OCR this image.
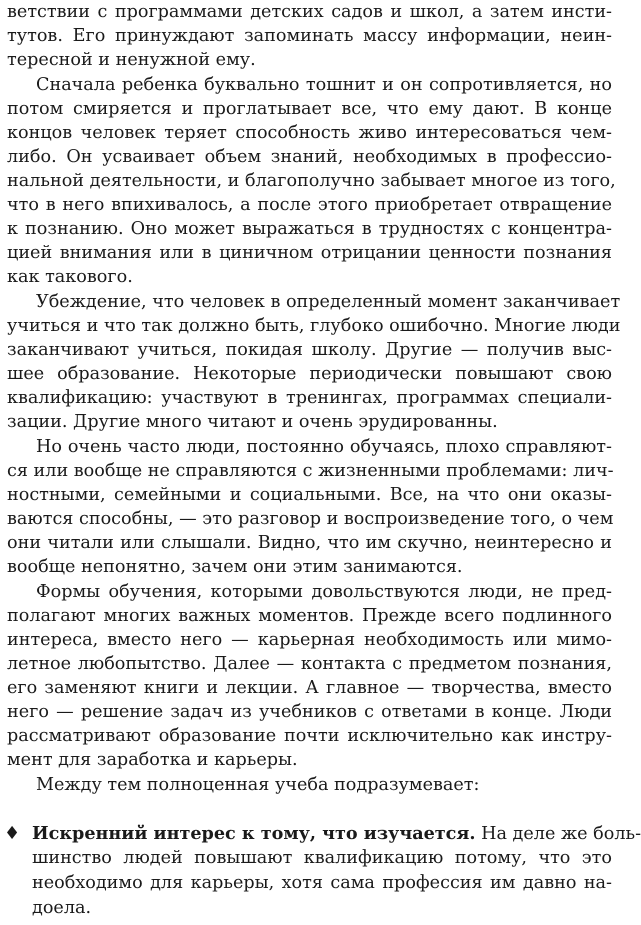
ветствии с программами детских садов и школ, а затем инсти-
тутов. Его принуждают запоминать массу информации, неин-
тересной и ненужной ему.
Сначала ребенка буквально тошнит и он сопротивляется, но
потом смиряется и проглатывает все, что ему дают. В конце
концов человек теряет способность живо интересоваться чем-
либо. Он усваивает объем знаний, необходимых в профессио-
нальной деятельности, и благополучно забывает многое из того,
что в него впихивалось, а после этого приобретает отвращение
к познанию. Оно может выражаться в трудностях с концентра-
цией внимания или в циничном отрицании ценности познания
как такового.
Убеждение, что человек в определенный момент заканчивает
учиться и что так должно быть, глубоко ошибочно. Многие люди
заканчивают учиться, покидая школу. Другие — получив выс-
шее образование. Некоторые периодически повышают свою
квалификацию: участвуют в тренингах, программах специали-
зации. Другие много читают и очень эрудированны.
Но очень часто люди, постоянно обучаясь, плохо справляют-
ся или вообще не справляются с жизненными проблемами: лич-
ностными, семейными и социальными. Все, на что они оказы-
ваются способны, — это разговор и воспроизведение того, о чем
они читали или слышали. Видно, что им скучно, неинтересно и
вообще непонятно, зачем они этим занимаются.
Формы обучения, которыми довольствуются люди, не пред-
полагают многих важных моментов. Прежде всего подлинного
интереса, вместо него — карьерная необходимость или мимо-
летное любопытство. Далее — контакта с предметом познания,
его заменяют книги и лекции. А главное — творчества, вместо
него — решение задач из учебников с ответами в конце. Люди
рассматривают образование почти исключительно как инстру-
мент для заработка и карьеры.
Между тем полноценная учеба подразумевает:
♦ Искренний интерес к тому, что изучается. На деле же боль-
шинство людей повышают квалификацию потому, что это
необходимо для карьеры, хотя сама профессия им давно на-
доела.
